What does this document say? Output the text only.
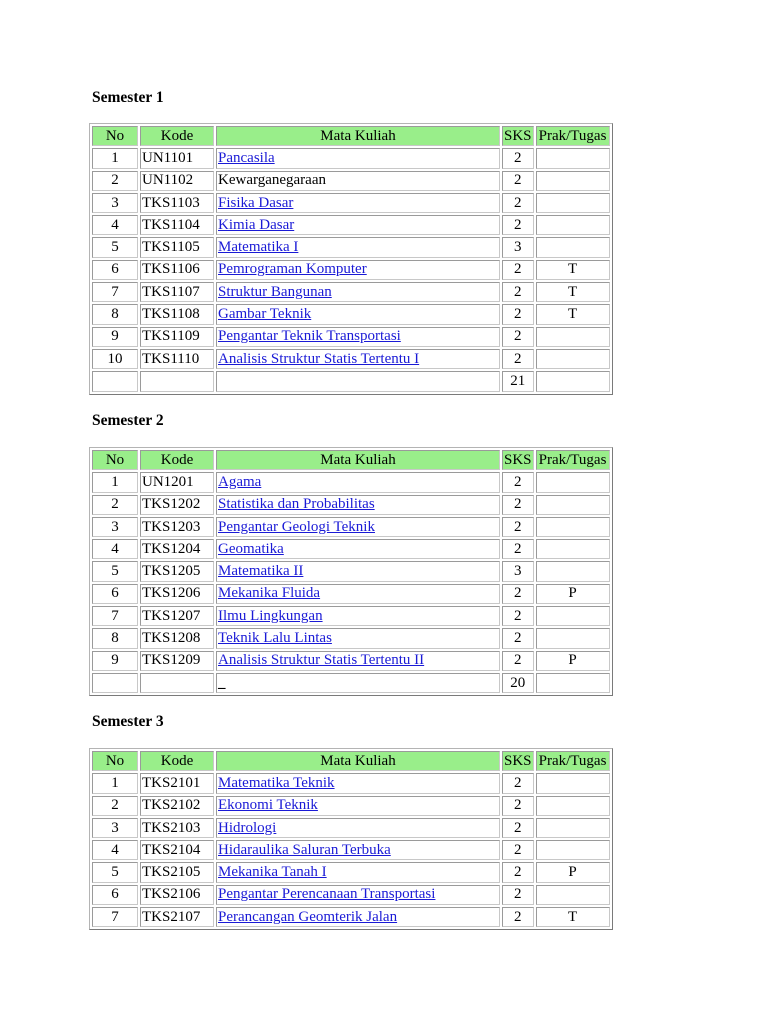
Semester 1
No	Kode	Mata Kuliah	SKS	Prak/Tugas
1	UN1101	Pancasila	2	
2	UN1102	Kewarganegaraan	2	
3	TKS1103	Fisika Dasar	2	
4	TKS1104	Kimia Dasar	2	
5	TKS1105	Matematika I	3	
6	TKS1106	Pemrograman Komputer	2	T
7	TKS1107	Struktur Bangunan	2	T
8	TKS1108	Gambar Teknik	2	T
9	TKS1109	Pengantar Teknik Transportasi	2	
10	TKS1110	Analisis Struktur Statis Tertentu I	2	
			21	
Semester 2
No	Kode	Mata Kuliah	SKS	Prak/Tugas
1	UN1201	Agama	2	
2	TKS1202	Statistika dan Probabilitas	2	
3	TKS1203	Pengantar Geologi Teknik	2	
4	TKS1204	Geomatika	2	
5	TKS1205	Matematika II	3	
6	TKS1206	Mekanika Fluida	2	P
7	TKS1207	Ilmu Lingkungan	2	
8	TKS1208	Teknik Lalu Lintas	2	
9	TKS1209	Analisis Struktur Statis Tertentu II	2	P
		_	20	
Semester 3
No	Kode	Mata Kuliah	SKS	Prak/Tugas
1	TKS2101	Matematika Teknik	2	
2	TKS2102	Ekonomi Teknik	2	
3	TKS2103	Hidrologi	2	
4	TKS2104	Hidaraulika Saluran Terbuka	2	
5	TKS2105	Mekanika Tanah I	2	P
6	TKS2106	Pengantar Perencanaan Transportasi	2	
7	TKS2107	Perancangan Geomterik Jalan	2	T
